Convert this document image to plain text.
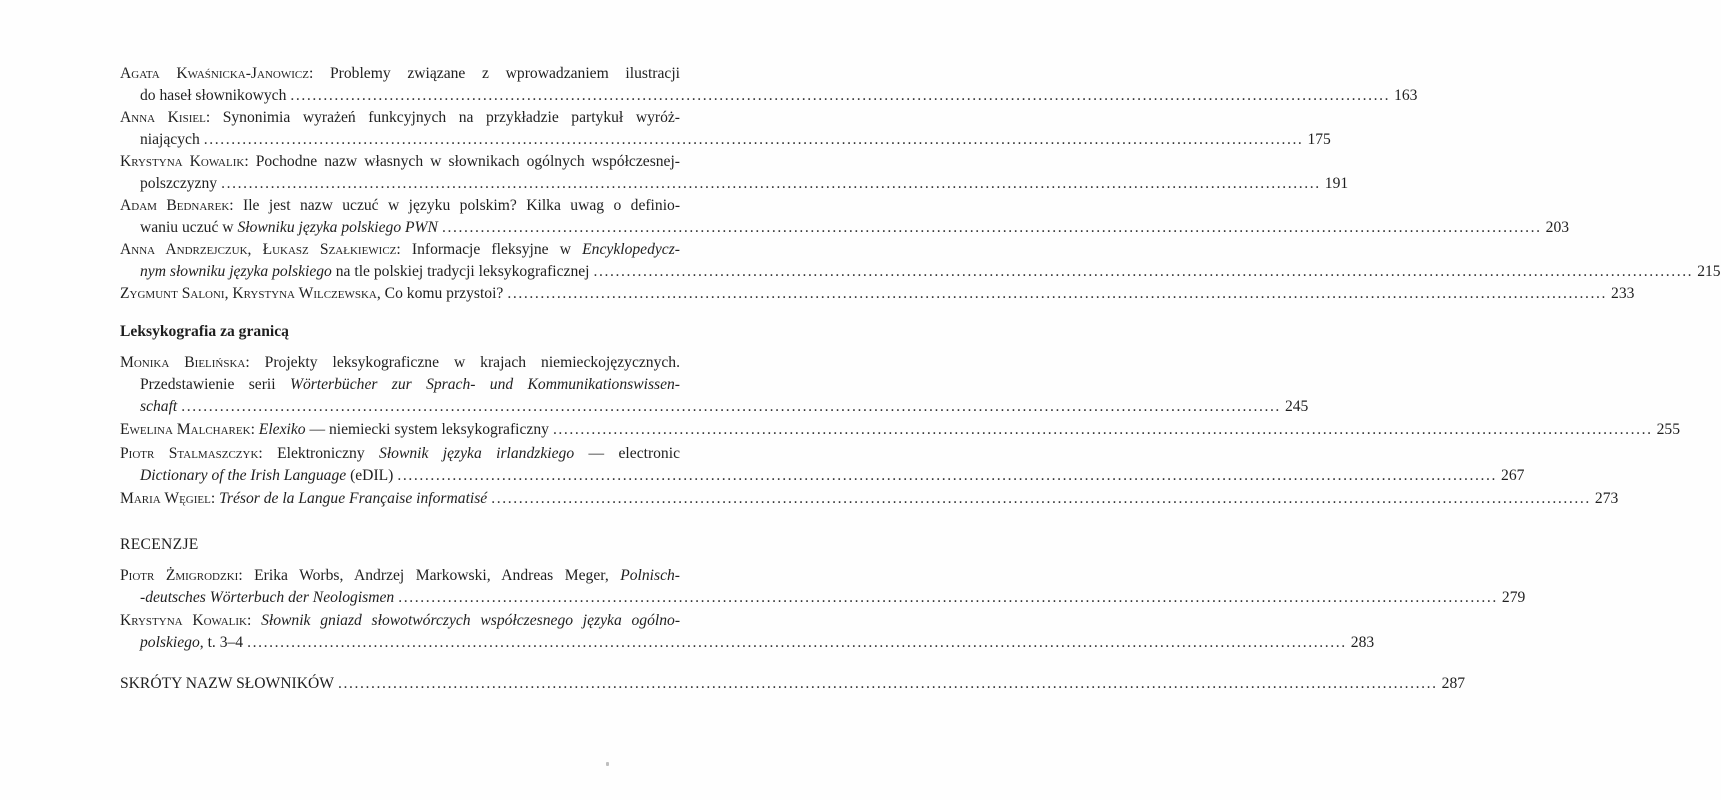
Agata Kwaśnicka-Janowicz: Problemy związane z wprowadzaniem ilustracji
do haseł słownikowych ........................................................................................................................................................................................................ 163
Anna Kisiel: Synonimia wyrażeń funkcyjnych na przykładzie partykuł wyróż-
niających ........................................................................................................................................................................................................ 175
Krystyna Kowalik: Pochodne nazw własnych w słownikach ogólnych współczesnej-
polszczyzny ........................................................................................................................................................................................................ 191
Adam Bednarek: Ile jest nazw uczuć w języku polskim? Kilka uwag o definio-
waniu uczuć w Słowniku języka polskiego PWN ........................................................................................................................................................................................................ 203
Anna Andrzejczuk, Łukasz Szałkiewicz: Informacje fleksyjne w Encyklopedycz-
nym słowniku języka polskiego na tle polskiej tradycji leksykograficznej ........................................................................................................................................................................................................ 215
Zygmunt Saloni, Krystyna Wilczewska, Co komu przystoi? ........................................................................................................................................................................................................ 233
Monika Bielińska: Projekty leksykograficzne w krajach niemieckojęzycznych.
Przedstawienie serii Wörterbücher zur Sprach- und Kommunikationswissen-
schaft ........................................................................................................................................................................................................ 245
Ewelina Malcharek: Elexiko — niemiecki system leksykograficzny ........................................................................................................................................................................................................ 255
Piotr Stalmaszczyk: Elektroniczny Słownik języka irlandzkiego — electronic
Dictionary of the Irish Language (eDIL) ........................................................................................................................................................................................................ 267
Maria Węgiel: Trésor de la Langue Française informatisé ........................................................................................................................................................................................................ 273
Piotr Żmigrodzki: Erika Worbs, Andrzej Markowski, Andreas Meger, Polnisch-
-deutsches Wörterbuch der Neologismen ........................................................................................................................................................................................................ 279
Krystyna Kowalik: Słownik gniazd słowotwórczych współczesnego języka ogólno-
polskiego, t. 3–4 ........................................................................................................................................................................................................ 283
SKRÓTY NAZW SŁOWNIKÓW ........................................................................................................................................................................................................ 287
Leksykografia za granicą
RECENZJE
